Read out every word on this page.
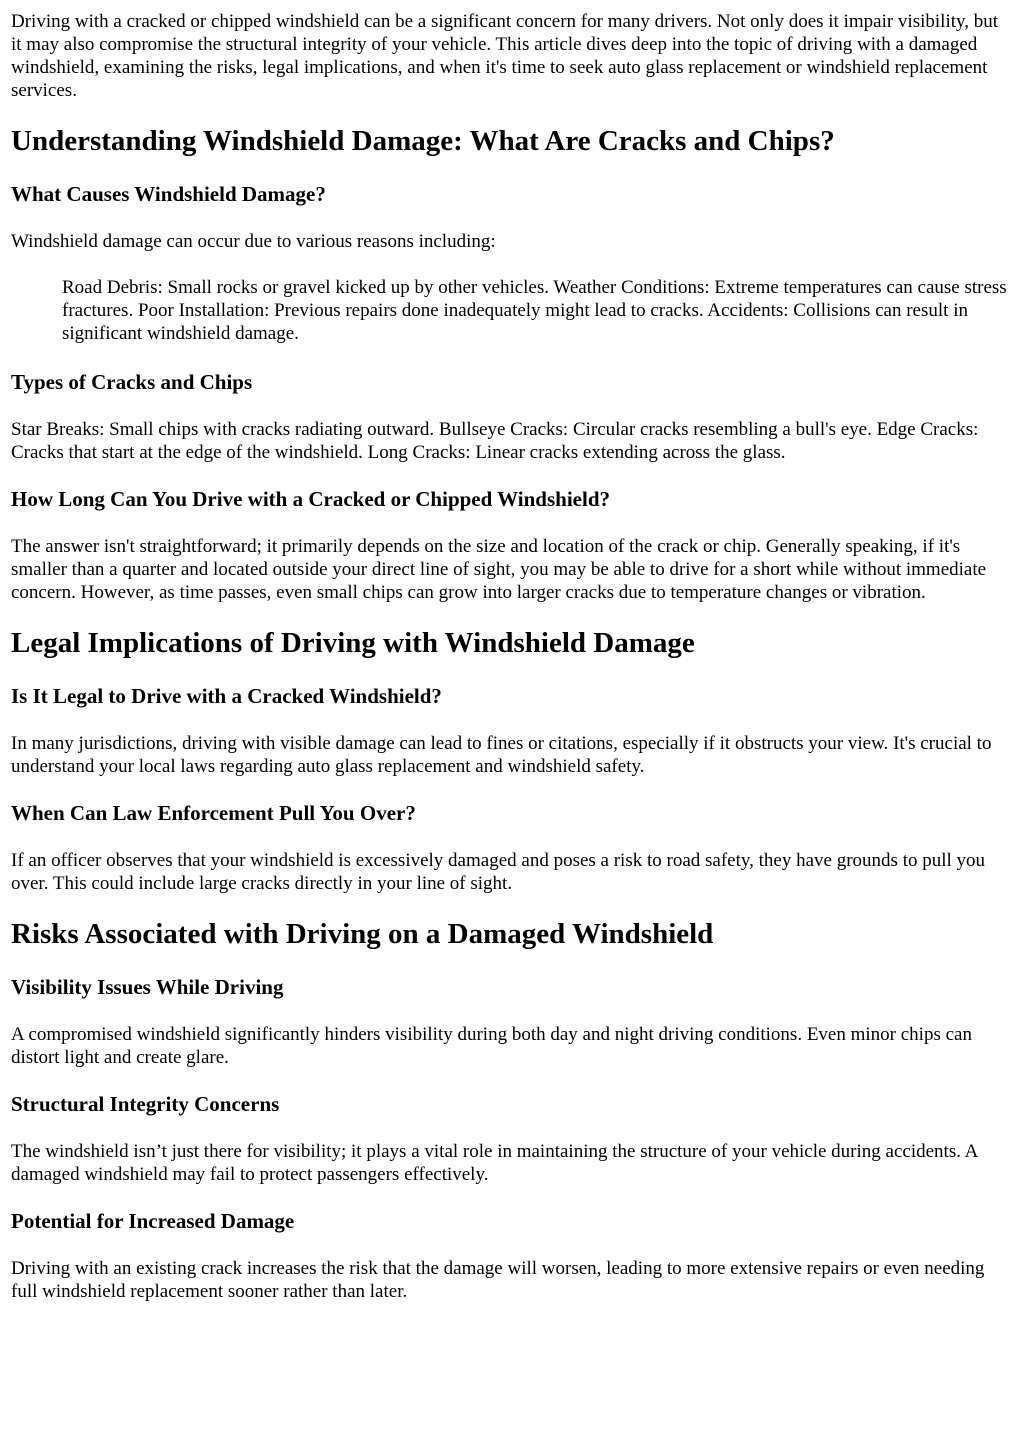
Driving with a cracked or chipped windshield can be a significant concern for many drivers. Not only does it impair visibility, but it may also compromise the structural integrity of your vehicle. This article dives deep into the topic of driving with a damaged windshield, examining the risks, legal implications, and when it's time to seek auto glass replacement or windshield replacement services.

Understanding Windshield Damage: What Are Cracks and Chips?
What Causes Windshield Damage?

Windshield damage can occur due to various reasons including:

Road Debris: Small rocks or gravel kicked up by other vehicles. Weather Conditions: Extreme temperatures can cause stress fractures. Poor Installation: Previous repairs done inadequately might lead to cracks. Accidents: Collisions can result in significant windshield damage.
Types of Cracks and Chips

Star Breaks: Small chips with cracks radiating outward. Bullseye Cracks: Circular cracks resembling a bull's eye. Edge Cracks: Cracks that start at the edge of the windshield. Long Cracks: Linear cracks extending across the glass.

How Long Can You Drive with a Cracked or Chipped Windshield?

The answer isn't straightforward; it primarily depends on the size and location of the crack or chip. Generally speaking, if it's smaller than a quarter and located outside your direct line of sight, you may be able to drive for a short while without immediate concern. However, as time passes, even small chips can grow into larger cracks due to temperature changes or vibration.

Legal Implications of Driving with Windshield Damage
Is It Legal to Drive with a Cracked Windshield?

In many jurisdictions, driving with visible damage can lead to fines or citations, especially if it obstructs your view. It's crucial to understand your local laws regarding auto glass replacement and windshield safety.

When Can Law Enforcement Pull You Over?

If an officer observes that your windshield is excessively damaged and poses a risk to road safety, they have grounds to pull you over. This could include large cracks directly in your line of sight.

Risks Associated with Driving on a Damaged Windshield
Visibility Issues While Driving

A compromised windshield significantly hinders visibility during both day and night driving conditions. Even minor chips can distort light and create glare.

Structural Integrity Concerns

The windshield isn’t just there for visibility; it plays a vital role in maintaining the structure of your vehicle during accidents. A damaged windshield may fail to protect passengers effectively.

Potential for Increased Damage

Driving with an existing crack increases the risk that the damage will worsen, leading to more extensive repairs or even needing full windshield replacement sooner rather than later.
